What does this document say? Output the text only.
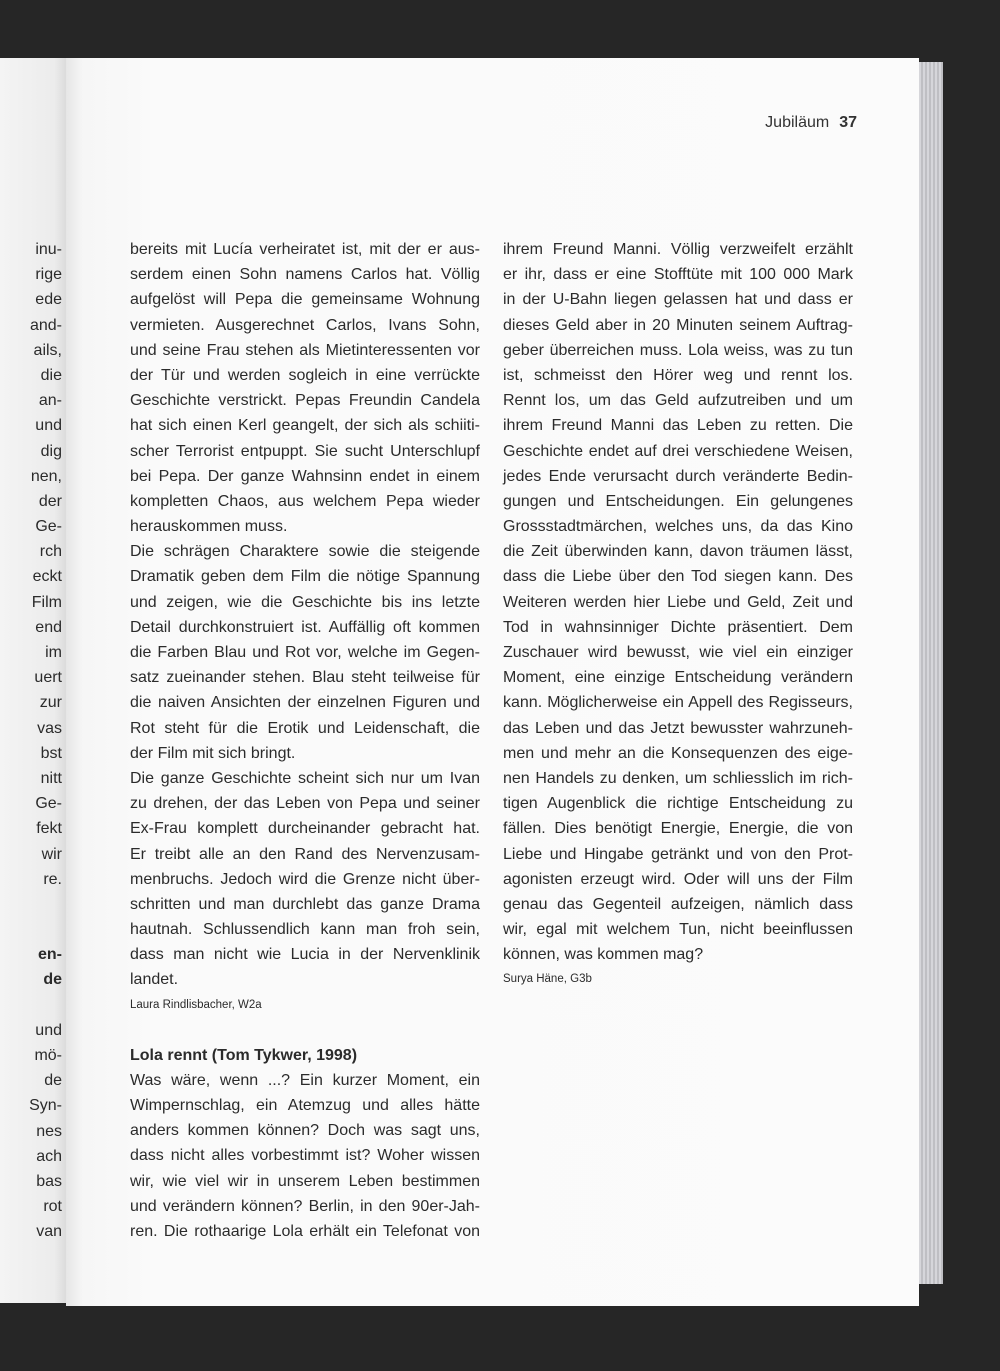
inu-
rige
ede
and-
ails,
die
an-
und
dig
nen,
der
Ge-
rch
eckt
Film
end
im
uert
zur
vas
bst
nitt
Ge-
fekt
wir
re.
en-
de
und
mö-
de
Syn-
nes
ach
bas
rot
van
Jubiläum 37
bereits mit Lucía verheiratet ist, mit der er aus-
serdem einen Sohn namens Carlos hat. Völlig
aufgelöst will Pepa die gemeinsame Wohnung
vermieten. Ausgerechnet Carlos, Ivans Sohn,
und seine Frau stehen als Mietinteressenten vor
der Tür und werden sogleich in eine verrückte
Geschichte verstrickt. Pepas Freundin Candela
hat sich einen Kerl geangelt, der sich als schiiti-
scher Terrorist entpuppt. Sie sucht Unterschlupf
bei Pepa. Der ganze Wahnsinn endet in einem
kompletten Chaos, aus welchem Pepa wieder
herauskommen muss.
Die schrägen Charaktere sowie die steigende
Dramatik geben dem Film die nötige Spannung
und zeigen, wie die Geschichte bis ins letzte
Detail durchkonstruiert ist. Auffällig oft kommen
die Farben Blau und Rot vor, welche im Gegen-
satz zueinander stehen. Blau steht teilweise für
die naiven Ansichten der einzelnen Figuren und
Rot steht für die Erotik und Leidenschaft, die
der Film mit sich bringt.
Die ganze Geschichte scheint sich nur um Ivan
zu drehen, der das Leben von Pepa und seiner
Ex-Frau komplett durcheinander gebracht hat.
Er treibt alle an den Rand des Nervenzusam-
menbruchs. Jedoch wird die Grenze nicht über-
schritten und man durchlebt das ganze Drama
hautnah. Schlussendlich kann man froh sein,
dass man nicht wie Lucia in der Nervenklinik
landet.
Laura Rindlisbacher, W2a
Lola rennt (Tom Tykwer, 1998)
Was wäre, wenn ...? Ein kurzer Moment, ein
Wimpernschlag, ein Atemzug und alles hätte
anders kommen können? Doch was sagt uns,
dass nicht alles vorbestimmt ist? Woher wissen
wir, wie viel wir in unserem Leben bestimmen
und verändern können? Berlin, in den 90er-Jah-
ren. Die rothaarige Lola erhält ein Telefonat von
ihrem Freund Manni. Völlig verzweifelt erzählt
er ihr, dass er eine Stofftüte mit 100 000 Mark
in der U-Bahn liegen gelassen hat und dass er
dieses Geld aber in 20 Minuten seinem Auftrag-
geber überreichen muss. Lola weiss, was zu tun
ist, schmeisst den Hörer weg und rennt los.
Rennt los, um das Geld aufzutreiben und um
ihrem Freund Manni das Leben zu retten. Die
Geschichte endet auf drei verschiedene Weisen,
jedes Ende verursacht durch veränderte Bedin-
gungen und Entscheidungen. Ein gelungenes
Grossstadtmärchen, welches uns, da das Kino
die Zeit überwinden kann, davon träumen lässt,
dass die Liebe über den Tod siegen kann. Des
Weiteren werden hier Liebe und Geld, Zeit und
Tod in wahnsinniger Dichte präsentiert. Dem
Zuschauer wird bewusst, wie viel ein einziger
Moment, eine einzige Entscheidung verändern
kann. Möglicherweise ein Appell des Regisseurs,
das Leben und das Jetzt bewusster wahrzuneh-
men und mehr an die Konsequenzen des eige-
nen Handels zu denken, um schliesslich im rich-
tigen Augenblick die richtige Entscheidung zu
fällen. Dies benötigt Energie, Energie, die von
Liebe und Hingabe getränkt und von den Prot-
agonisten erzeugt wird. Oder will uns der Film
genau das Gegenteil aufzeigen, nämlich dass
wir, egal mit welchem Tun, nicht beeinflussen
können, was kommen mag?
Surya Häne, G3b
